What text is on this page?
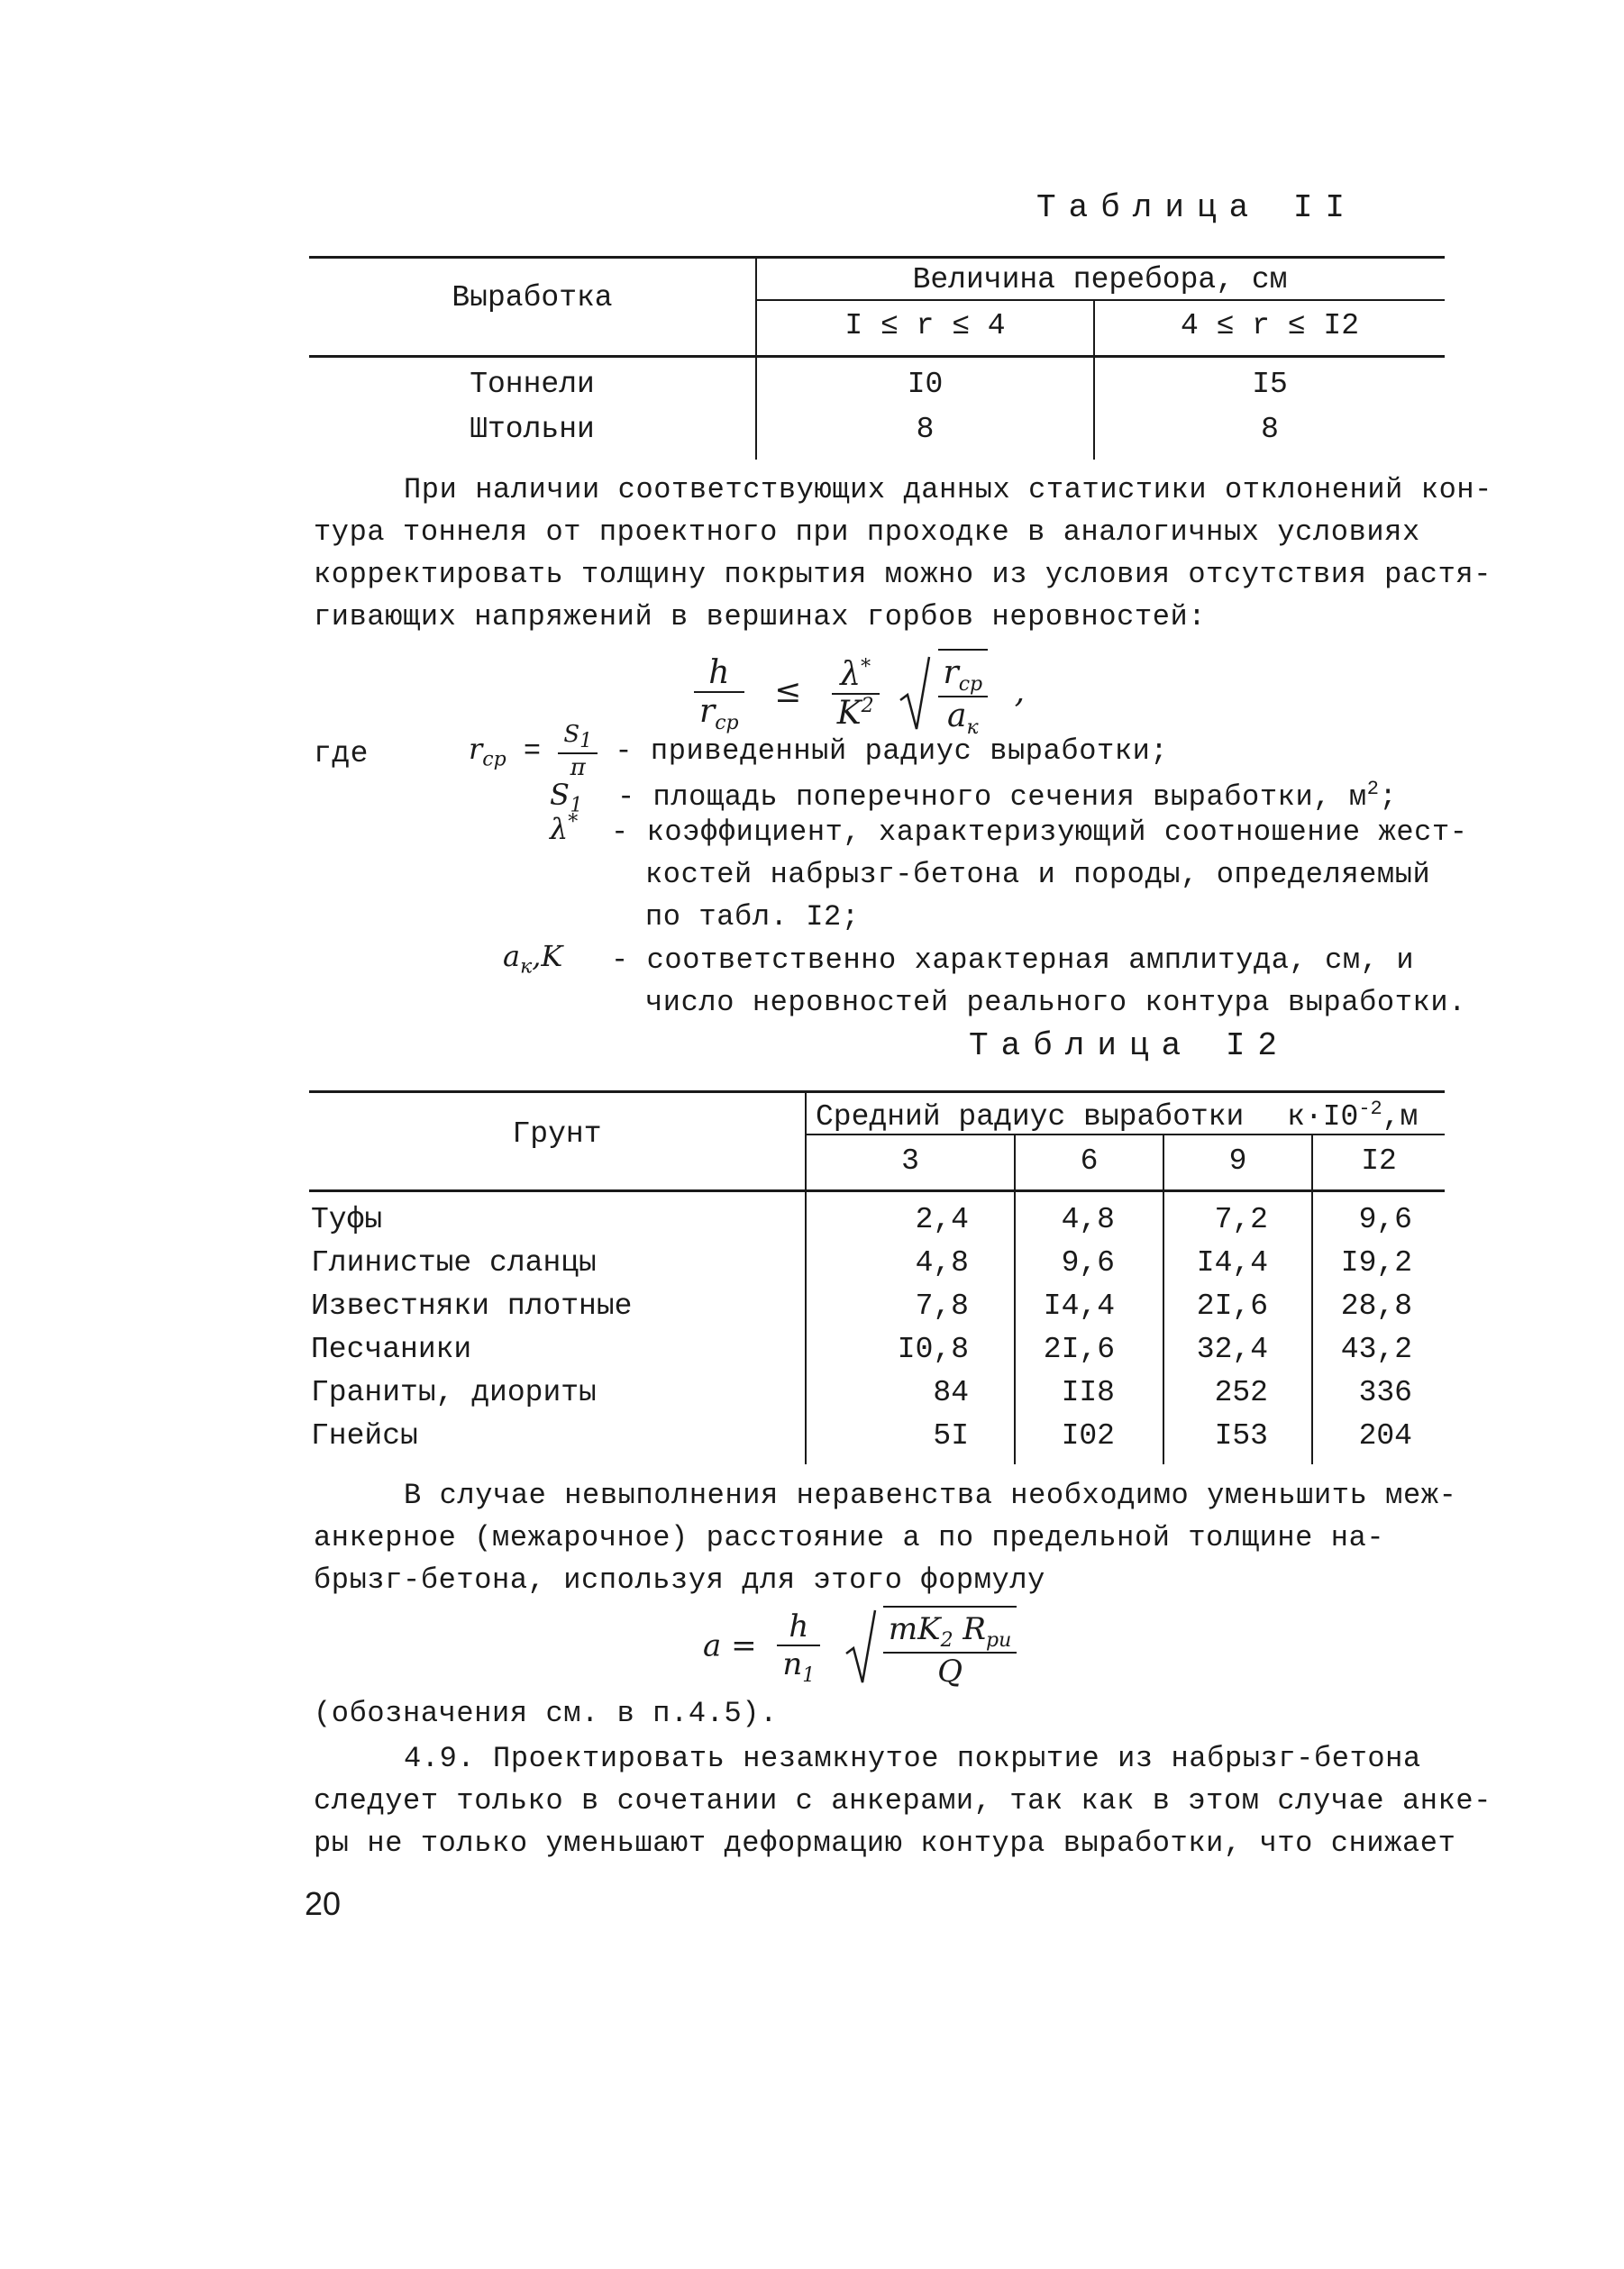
Таблица II
Выработка
Величина перебора, см
I ≤ r ≤ 4	4 ≤ r ≤ I2
Тоннели	I0	I5
Штольни	8	8
При наличии соответствующих данных статистики отклонений кон-
тура тоннеля от проектного при проходке в аналогичных условиях
корректировать толщину покрытия можно из условия отсутствия растя-
гивающих напряжений в вершинах горбов неровностей:
$\frac{h}{r_{ср}} \le \frac{\lambda^*}{K^2}$
$\frac{r_{ср}}{a_к}$ ,
где	$r_{ср} = \frac{S_1}{\pi}$ - приведенный радиус выработки;
$S_1$ - площадь поперечного сечения выработки, $м^2$;
λ* - коэффициент, характеризующий соотношение жест-
костей набрызг-бетона и породы, определяемый
по табл. I2;
$a_к,K$ - соответственно характерная амплитуда, см, и
число неровностей реального контура выработки.
Таблица I2
Грунт
Средний радиус выработки $к\cdot I0^{-2},м$
3	6	9	I2
Туфы	2,4	4,8	7,2	9,6
Глинистые сланцы	4,8	9,6	I4,4	I9,2
Известняки плотные	7,8	I4,4	2I,6	28,8
Песчаники	I0,8	2I,6	32,4	43,2
Граниты, диориты	84	II8	252	336
Гнейсы	5I	I02	I53	204
В случае невыполнения неравенства необходимо уменьшить меж-
анкерное (межарочное) расстояние a по предельной толщине на-
брызг-бетона, используя для этого формулу
$a = \frac{h}{n_1}$
$\frac{mK_2 R_{pu}}{Q}$
(обозначения см. в п.4.5).
4.9. Проектировать незамкнутое покрытие из набрызг-бетона
следует только в сочетании с анкерами, так как в этом случае анке-
ры не только уменьшают деформацию контура выработки, что снижает
20
